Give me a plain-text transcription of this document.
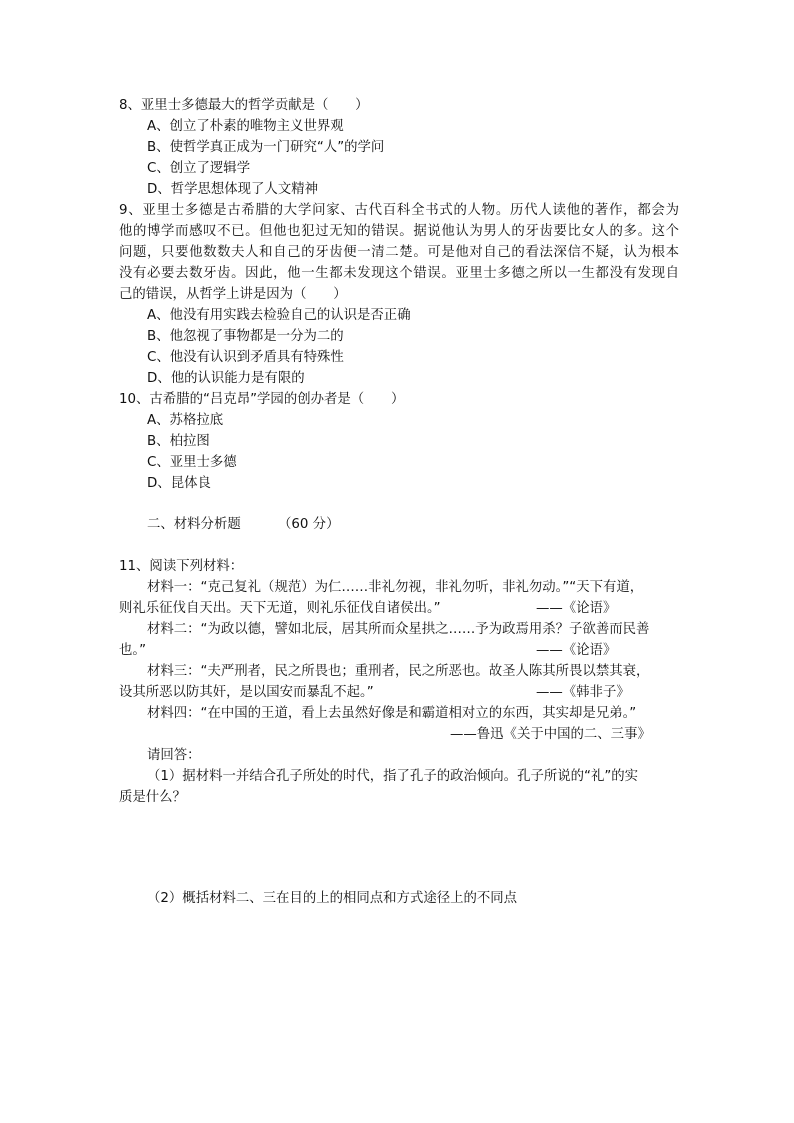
8、亚里士多德最大的哲学贡献是（　　）
A、创立了朴素的唯物主义世界观
B、使哲学真正成为一门研究“人”的学问
C、创立了逻辑学
D、哲学思想体现了人文精神
9、亚里士多德是古希腊的大学问家、古代百科全书式的人物。历代人读他的著作，都会为
他的博学而感叹不已。但他也犯过无知的错误。据说他认为男人的牙齿要比女人的多。这个
问题，只要他数数夫人和自己的牙齿便一清二楚。可是他对自己的看法深信不疑，认为根本
没有必要去数牙齿。因此，他一生都未发现这个错误。亚里士多德之所以一生都没有发现自
己的错误，从哲学上讲是因为（　　）
A、他没有用实践去检验自己的认识是否正确
B、他忽视了事物都是一分为二的
C、他没有认识到矛盾具有特殊性
D、他的认识能力是有限的
10、古希腊的“吕克昂”学园的创办者是（　　）
A、苏格拉底
B、柏拉图
C、亚里士多德
D、昆体良
二、材料分析题	（60 分）
11、阅读下列材料：
材料一：“克己复礼（规范）为仁……非礼勿视，非礼勿听，非礼勿动。”“天下有道，
则礼乐征伐自天出。天下无道，则礼乐征伐自诸侯出。”	——《论语》
材料二：“为政以德，譬如北辰，居其所而众星拱之……予为政焉用杀？子欲善而民善
也。”	——《论语》
材料三：“夫严刑者，民之所畏也；重刑者，民之所恶也。故圣人陈其所畏以禁其衰，
设其所恶以防其奸，是以国安而暴乱不起。”	——《韩非子》
材料四：“在中国的王道，看上去虽然好像是和霸道相对立的东西，其实却是兄弟。”
——鲁迅《关于中国的二、三事》
请回答：
（1）据材料一并结合孔子所处的时代，指了孔子的政治倾向。孔子所说的“礼”的实
质是什么？
（2）概括材料二、三在目的上的相同点和方式途径上的不同点
